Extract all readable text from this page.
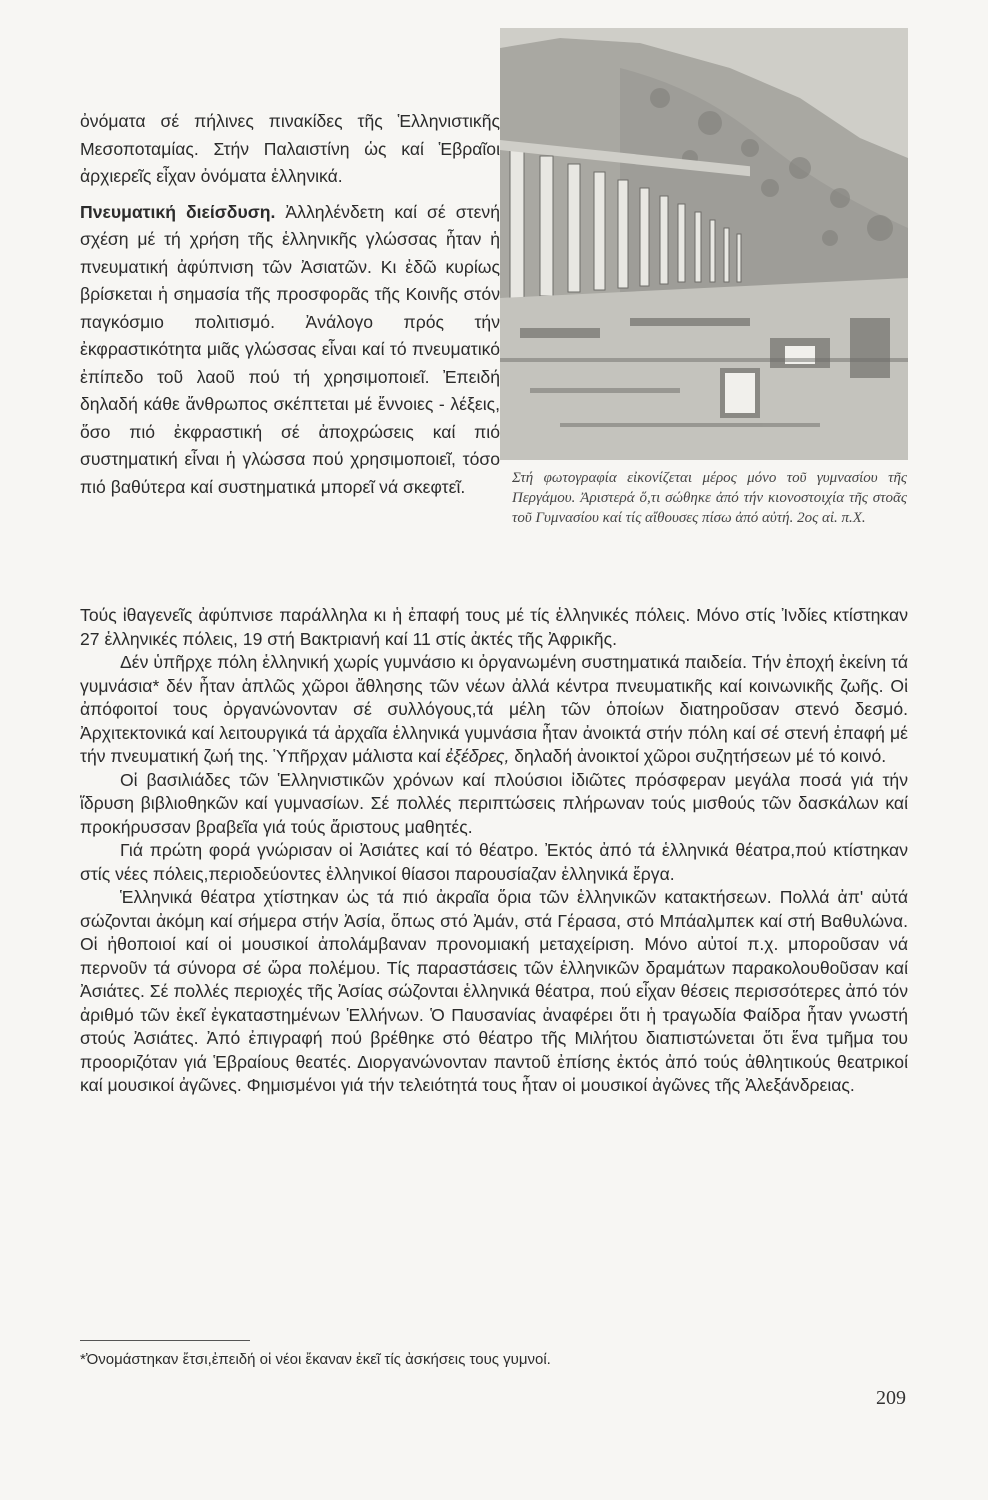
ὀνόματα σέ πήλινες πινακίδες τῆς Ἑλληνιστικῆς Μεσοποταμίας. Στήν Παλαιστίνη ὡς καί Ἑβραῖοι ἀρχιερεῖς εἶχαν ὀνόματα ἑλληνικά.

Πνευματική διείσδυση. Ἀλληλένδετη καί σέ στενή σχέση μέ τή χρήση τῆς ἑλληνικῆς γλώσσας ἦταν ἡ πνευματική ἀφύπνιση τῶν Ἀσιατῶν. Κι ἐδῶ κυρίως βρίσκεται ἡ σημασία τῆς προσφορᾶς τῆς Κοινῆς στόν παγκόσμιο πολιτισμό. Ἀνάλογο πρός τήν ἐκφραστικότητα μιᾶς γλώσσας εἶναι καί τό πνευματικό ἐπίπεδο τοῦ λαοῦ πού τή χρησιμοποιεῖ. Ἐπειδή δηλαδή κάθε ἄνθρωπος σκέπτεται μέ ἔννοιες - λέξεις, ὅσο πιό ἐκφραστική σέ ἀποχρώσεις καί πιό συστηματική εἶναι ἡ γλώσσα πού χρησιμοποιεῖ, τόσο πιό βαθύτερα καί συστηματικά μπορεῖ νά σκεφτεῖ.	Στή φωτογραφία εἰκονίζεται μέρος μόνο τοῦ γυμνασίου τῆς Περγάμου. Ἀριστερά ὅ,τι σώθηκε ἀπό τήν κιονοστοιχία τῆς στοᾶς τοῦ Γυμνασίου καί τίς αἴθουσες πίσω ἀπό αὐτή. 2ος αἰ. π.Χ.

Τούς ἰθαγενεῖς ἀφύπνισε παράλληλα κι ἡ ἐπαφή τους μέ τίς ἑλληνικές πόλεις. Μόνο στίς Ἰνδίες κτίστηκαν 27 ἑλληνικές πόλεις, 19 στή Βακτριανή καί 11 στίς ἀκτές τῆς Ἀφρικῆς.

Δέν ὑπῆρχε πόλη ἑλληνική χωρίς γυμνάσιο κι ὀργανωμένη συστηματικά παιδεία. Τήν ἐποχή ἐκείνη τά γυμνάσια* δέν ἦταν ἁπλῶς χῶροι ἄθλησης τῶν νέων ἀλλά κέντρα πνευματικῆς καί κοινωνικῆς ζωῆς. Οἱ ἀπόφοιτοί τους ὀργανώνονταν σέ συλλόγους,τά μέλη τῶν ὁποίων διατηροῦσαν στενό δεσμό. Ἀρχιτεκτονικά καί λειτουργικά τά ἀρχαῖα ἑλληνικά γυμνάσια ἦταν ἀνοικτά στήν πόλη καί σέ στενή ἐπαφή μέ τήν πνευματική ζωή της. Ὑπῆρχαν μάλιστα καί ἐξέδρες, δηλαδή ἀνοικτοί χῶροι συζητήσεων μέ τό κοινό.

Οἱ βασιλιάδες τῶν Ἑλληνιστικῶν χρόνων καί πλούσιοι ἰδιῶτες πρόσφεραν μεγάλα ποσά γιά τήν ἵδρυση βιβλιοθηκῶν καί γυμνασίων. Σέ πολλές περιπτώσεις πλήρωναν τούς μισθούς τῶν δασκάλων καί προκήρυσσαν βραβεῖα γιά τούς ἄριστους μαθητές.

Γιά πρώτη φορά γνώρισαν οἱ Ἀσιάτες καί τό θέατρο. Ἐκτός ἀπό τά ἑλληνικά θέατρα,πού κτίστηκαν στίς νέες πόλεις,περιοδεύοντες ἑλληνικοί θίασοι παρουσίαζαν ἑλληνικά ἔργα.

Ἑλληνικά θέατρα χτίστηκαν ὡς τά πιό ἀκραῖα ὅρια τῶν ἑλληνικῶν κατακτήσεων. Πολλά ἀπ' αὐτά σώζονται ἀκόμη καί σήμερα στήν Ἀσία, ὅπως στό Ἀμάν, στά Γέρασα, στό Μπάαλμπεκ καί στή Βαθυλώνα. Οἱ ἠθοποιοί καί οἱ μουσικοί ἀπολάμβαναν προνομιακή μεταχείριση. Μόνο αὐτοί π.χ. μποροῦσαν νά περνοῦν τά σύνορα σέ ὥρα πολέμου. Τίς παραστάσεις τῶν ἑλληνικῶν δραμάτων παρακολουθοῦσαν καί Ἀσιάτες. Σέ πολλές περιοχές τῆς Ἀσίας σώζονται ἑλληνικά θέατρα, πού εἶχαν θέσεις περισσότερες ἀπό τόν ἀριθμό τῶν ἐκεῖ ἐγκαταστημένων Ἑλλήνων. Ὁ Παυσανίας ἀναφέρει ὅτι ἡ τραγωδία Φαίδρα ἦταν γνωστή στούς Ἀσιάτες. Ἀπό ἐπιγραφή πού βρέθηκε στό θέατρο τῆς Μιλήτου διαπιστώνεται ὅτι ἕνα τμῆμα του προοριζόταν γιά Ἑβραίους θεατές. Διοργανώνονταν παντοῦ ἐπίσης ἐκτός ἀπό τούς ἀθλητικούς θεατρικοί καί μουσικοί ἀγῶνες. Φημισμένοι γιά τήν τελειότητά τους ἦταν οἱ μουσικοί ἀγῶνες τῆς Ἀλεξάνδρειας.

*Ὀνομάστηκαν ἔτσι,ἐπειδή οἱ νέοι ἔκαναν ἐκεῖ τίς ἀσκήσεις τους γυμνοί.
209
